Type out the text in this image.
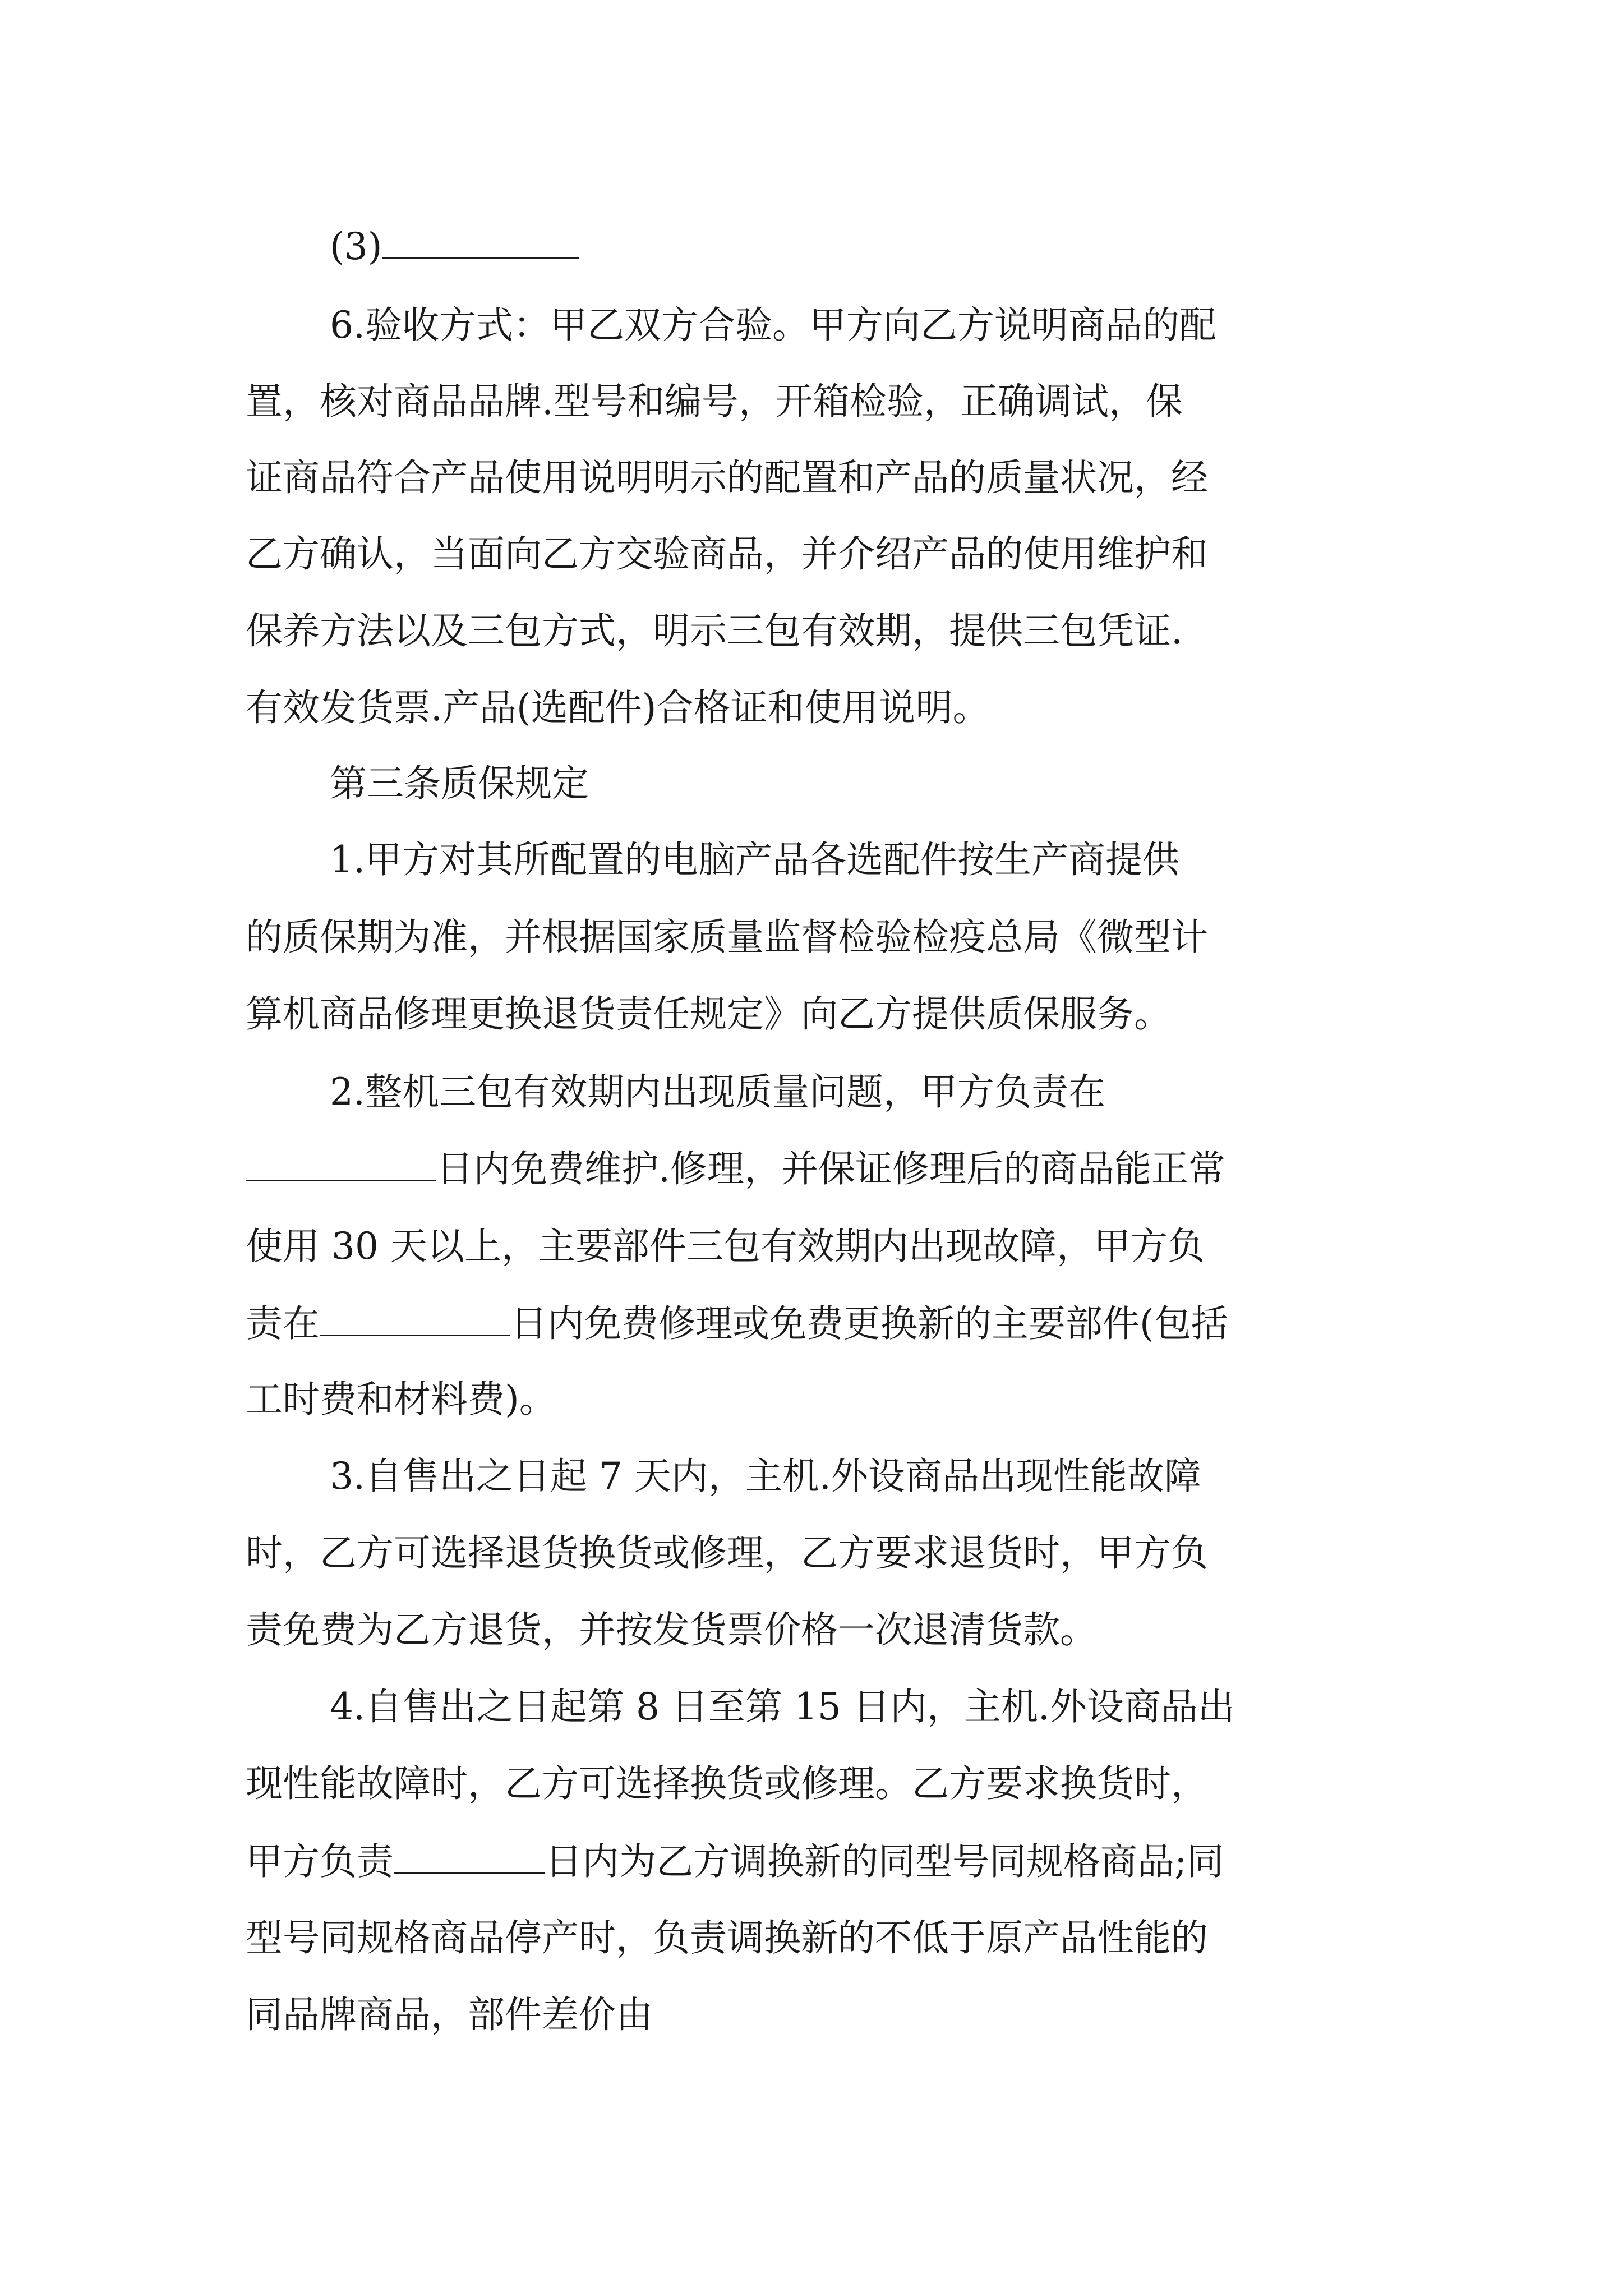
(3)
6.验收方式：甲乙双方合验。甲方向乙方说明商品的配
置，核对商品品牌.型号和编号，开箱检验，正确调试，保
证商品符合产品使用说明明示的配置和产品的质量状况，经
乙方确认，当面向乙方交验商品，并介绍产品的使用维护和
保养方法以及三包方式，明示三包有效期，提供三包凭证.
有效发货票.产品(选配件)合格证和使用说明。
第三条质保规定
1.甲方对其所配置的电脑产品各选配件按生产商提供
的质保期为准，并根据国家质量监督检验检疫总局《微型计
算机商品修理更换退货责任规定》向乙方提供质保服务。
2.整机三包有效期内出现质量问题，甲方负责在
日内免费维护.修理，并保证修理后的商品能正常
使用 30 天以上，主要部件三包有效期内出现故障，甲方负
责在	日内免费修理或免费更换新的主要部件(包括
工时费和材料费)。
3.自售出之日起 7 天内，主机.外设商品出现性能故障
时，乙方可选择退货换货或修理，乙方要求退货时，甲方负
责免费为乙方退货，并按发货票价格一次退清货款。
4.自售出之日起第 8 日至第 15 日内，主机.外设商品出
现性能故障时，乙方可选择换货或修理。乙方要求换货时，
甲方负责	日内为乙方调换新的同型号同规格商品;同
型号同规格商品停产时，负责调换新的不低于原产品性能的
同品牌商品，部件差价由
